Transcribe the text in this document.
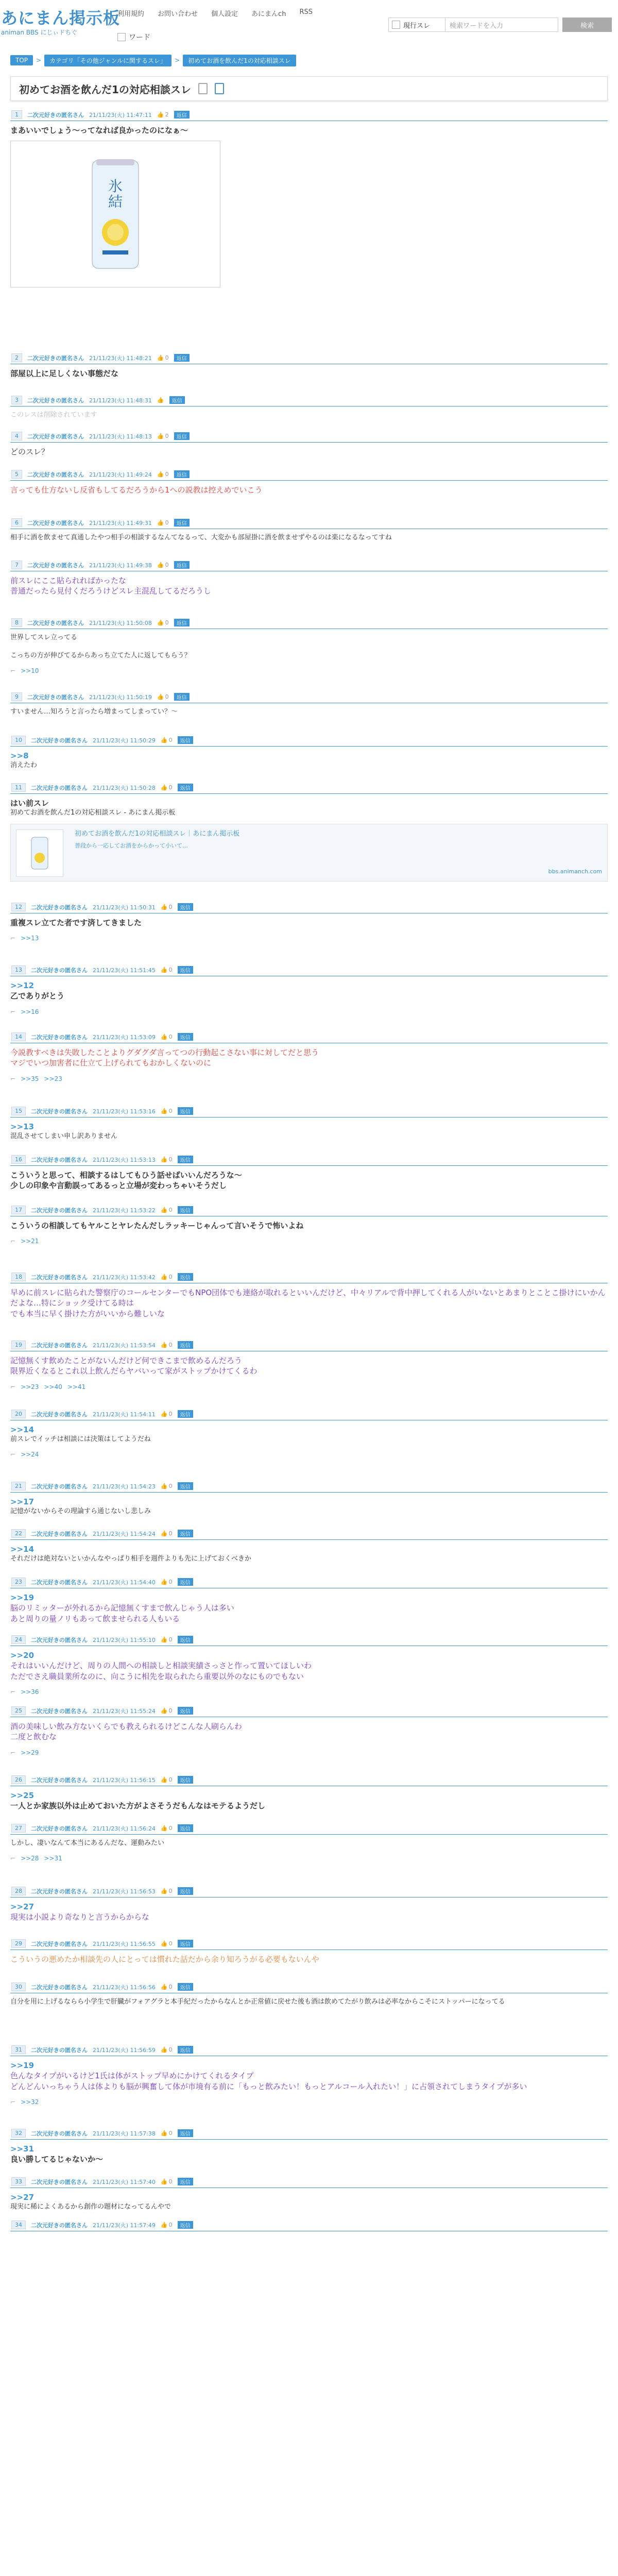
あにまん掲示板
animan BBS にじぃドちぐ
利用規約 お問い合わせ 個人設定 あにまんch RSS
ワード
現行スレ	検索ワードを入力	検索
TOP	>	カテゴリ「その他ジャンルに関するスレ」	>	初めてお酒を飲んだ1の対応相談スレ
初めてお酒を飲んだ1の対応相談スレ
1	二次元好きの匿名さん 21/11/23(火) 11:47:11 👍 2	返信
まあいいでしょう～ってなれば良かったのになぁ～
氷
結
2	二次元好きの匿名さん 21/11/23(火) 11:48:21 👍 0	返信
部屋以上に足しくない事態だな
3	二次元好きの匿名さん 21/11/23(火) 11:48:31 👍	返信
このレスは削除されています
4	二次元好きの匿名さん 21/11/23(火) 11:48:13 👍 0	返信
どのスレ？
5	二次元好きの匿名さん 21/11/23(火) 11:49:24 👍 0	返信
言っても仕方ないし反省もしてるだろうから1への説教は控えめでいこう
6	二次元好きの匿名さん 21/11/23(火) 11:49:31 👍 0	返信
相手に酒を飲ませて真通したやつ相手の相談するなんてなるって、大変かも部屋掛に酒を飲ませずやるのは楽になるなってすね
7	二次元好きの匿名さん 21/11/23(火) 11:49:38 👍 0	返信
前スレにここ貼られればかったな
普通だったら見付くだろうけどスレ主混乱してるだろうし
8	二次元好きの匿名さん 21/11/23(火) 11:50:08 👍 0	返信
世界してスレ立ってる

こっちの方が伸びてるからあっち立てた人に返してもらう？
⌐ >>10
9	二次元好きの匿名さん 21/11/23(火) 11:50:19 👍 0	返信
すいません…知ろうと言ったら増まってしまってい？～
10	二次元好きの匿名さん 21/11/23(火) 11:50:29 👍 0	返信
>>8
消えたわ
11	二次元好きの匿名さん 21/11/23(火) 11:50:28 👍 0	返信
はい前スレ
初めてお酒を飲んだ1の対応相談スレ - あにまん掲示板
初めてお酒を飲んだ1の対応相談スレ｜あにまん掲示板
普段から一応してお酒をからかって小いて…
bbs.animanch.com
12	二次元好きの匿名さん 21/11/23(火) 11:50:31 👍 0	返信
重複スレ立てた者です済してきました
⌐ >>13
13	二次元好きの匿名さん 21/11/23(火) 11:51:45 👍 0	返信
>>12
乙でありがとう
⌐ >>16
14	二次元好きの匿名さん 21/11/23(火) 11:53:09 👍 0	返信
今説教すべきは失敗したことよりグダグダ言ってつの行動起こさない事に対してだと思う
マジでいつ加害者に仕立て上げられてもおかしくないのに
⌐ >>35 >>23
15	二次元好きの匿名さん 21/11/23(火) 11:53:16 👍 0	返信
>>13
混乱させてしまい申し訳ありません
16	二次元好きの匿名さん 21/11/23(火) 11:53:13 👍 0	返信
こういうと思って、相談するはしてもひう話せばいいんだろうな～
少しの印象や言動誤ってあるっと立場が変わっちゃいそうだし
17	二次元好きの匿名さん 21/11/23(火) 11:53:22 👍 0	返信
こういうの相談してもヤルことヤレたんだしラッキーじゃんって言いそうで怖いよね
⌐ >>21
18	二次元好きの匿名さん 21/11/23(火) 11:53:42 👍 0	返信
早めに前スレに貼られた警察庁のコールセンターでもNPO団体でも連絡が取れるといいんだけど、中々リアルで背中押してくれる人がいないとあまりとことこ掛けにいかんだよな…特にショック受けてる時は
でも本当に早く掛けた方がいいから難しいな
19	二次元好きの匿名さん 21/11/23(火) 11:53:54 👍 0	返信
記憶無くす飲めたことがないんだけど何できこまで飲めるんだろう
限界近くなるとこれ以上飲んだらヤバいって家がストップかけてくるわ
⌐ >>23 >>40 >>41
20	二次元好きの匿名さん 21/11/23(火) 11:54:11 👍 0	返信
>>14
前スレでイッチは相談には決策はしてようだね
⌐ >>24
21	二次元好きの匿名さん 21/11/23(火) 11:54:23 👍 0	返信
>>17
記憶がないからその理論すら通じないし悲しみ
22	二次元好きの匿名さん 21/11/23(火) 11:54:24 👍 0	返信
>>14
それだけは絶対ないといかんなやっぱり相手を週件よりも先に上げておくべきか
23	二次元好きの匿名さん 21/11/23(火) 11:54:40 👍 0	返信
>>19
脳のリミッターが外れるから記憶無くすまで飲んじゃう人は多い
あと周りの量ノリもあって飲ませられる人もいる
24	二次元好きの匿名さん 21/11/23(火) 11:55:10 👍 0	返信
>>20
それはいいんだけど、周りの人間への相談しと相談実績さっさと作って置いてほしいわ
ただでさえ職員業所なのに、向こうに相先を取られたら重要以外のなにものでもない
⌐ >>36
25	二次元好きの匿名さん 21/11/23(火) 11:55:24 👍 0	返信
酒の美味しい飲み方ないくらでも教えられるけどこんな人刷らんわ
二度と飲むな
⌐ >>29
26	二次元好きの匿名さん 21/11/23(火) 11:56:15 👍 0	返信
>>25
一人とか家族以外は止めておいた方がよさそうだもんなはモテるようだし
27	二次元好きの匿名さん 21/11/23(火) 11:56:24 👍 0	返信
しかし、凄いなんて本当にあるんだな、運動みたい
⌐ >>28 >>31
28	二次元好きの匿名さん 21/11/23(火) 11:56:53 👍 0	返信
>>27
現実は小説より奇なりと言うからからな
29	二次元好きの匿名さん 21/11/23(火) 11:56:55 👍 0	返信
こういうの悪めたか相談先の人にとっては慣れた話だから余り知ろうがる必要もないんや
30	二次元好きの匿名さん 21/11/23(火) 11:56:56 👍 0	返信
自分を用に上げるならら小学生で肝臓がフォアグラと本手紀だったからなんとか正常値に戻せた後も酒は飲めてたがり飲みは必率なからこそにストッパーになってる
31	二次元好きの匿名さん 21/11/23(火) 11:56:59 👍 0	返信
>>19
色んなタイプがいるけど1氏は体がストップ早めにかけてくれるタイプ
どんどんいっちゃう人は体よりも脳が興奮して体が市境有る前に「もっと飲みたい！もっとアルコール入れたい！」に占領されてしまうタイプが多い
⌐ >>32
32	二次元好きの匿名さん 21/11/23(火) 11:57:38 👍 0	返信
>>31
良い勝してるじゃないか～
33	二次元好きの匿名さん 21/11/23(火) 11:57:40 👍 0	返信
>>27
現実に稀によくあるから創作の題材になってるんやで
34	二次元好きの匿名さん 21/11/23(火) 11:57:49 👍 0	返信
